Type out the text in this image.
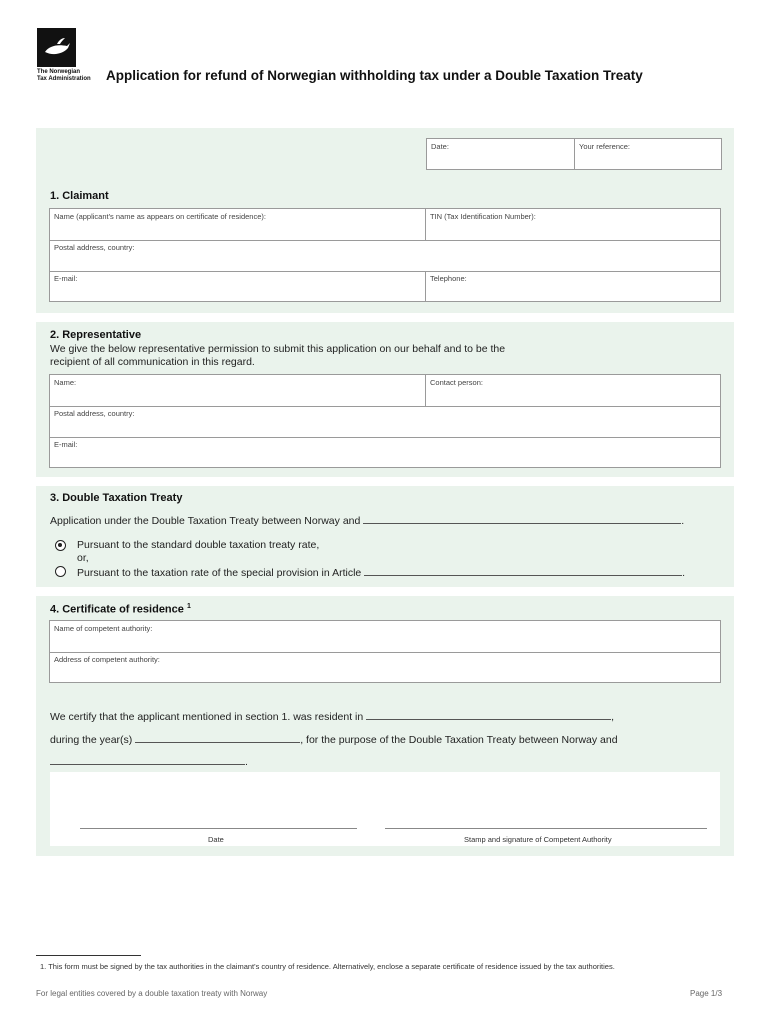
The Norwegian
Tax Administration	Application for refund of Norwegian withholding tax under a Double Taxation Treaty
Date:	Your reference:
1. Claimant
Name (applicant's name as appears on certificate of residence):	TIN (Tax Identification Number):
Postal address, country:
E-mail:	Telephone:
2. Representative
We give the below representative permission to submit this application on our behalf and to be the
recipient of all communication in this regard.
Name:	Contact person:
Postal address, country:
E-mail:
3. Double Taxation Treaty
Application under the Double Taxation Treaty between Norway and	.
Pursuant to the standard double taxation treaty rate,
or,
Pursuant to the taxation rate of the special provision in Article	.
4. Certificate of residence $^1$
Name of competent authority:
Address of competent authority:
We certify that the applicant mentioned in section 1. was resident in	,
during the year(s)	, for the purpose of the Double Taxation Treaty between Norway and
.
Date	Stamp and signature of Competent Authority
1. This form must be signed by the tax authorities in the claimant's country of residence. Alternatively, enclose a separate certificate of residence issued by the tax authorities.
For legal entities covered by a double taxation treaty with Norway	Page 1/3
